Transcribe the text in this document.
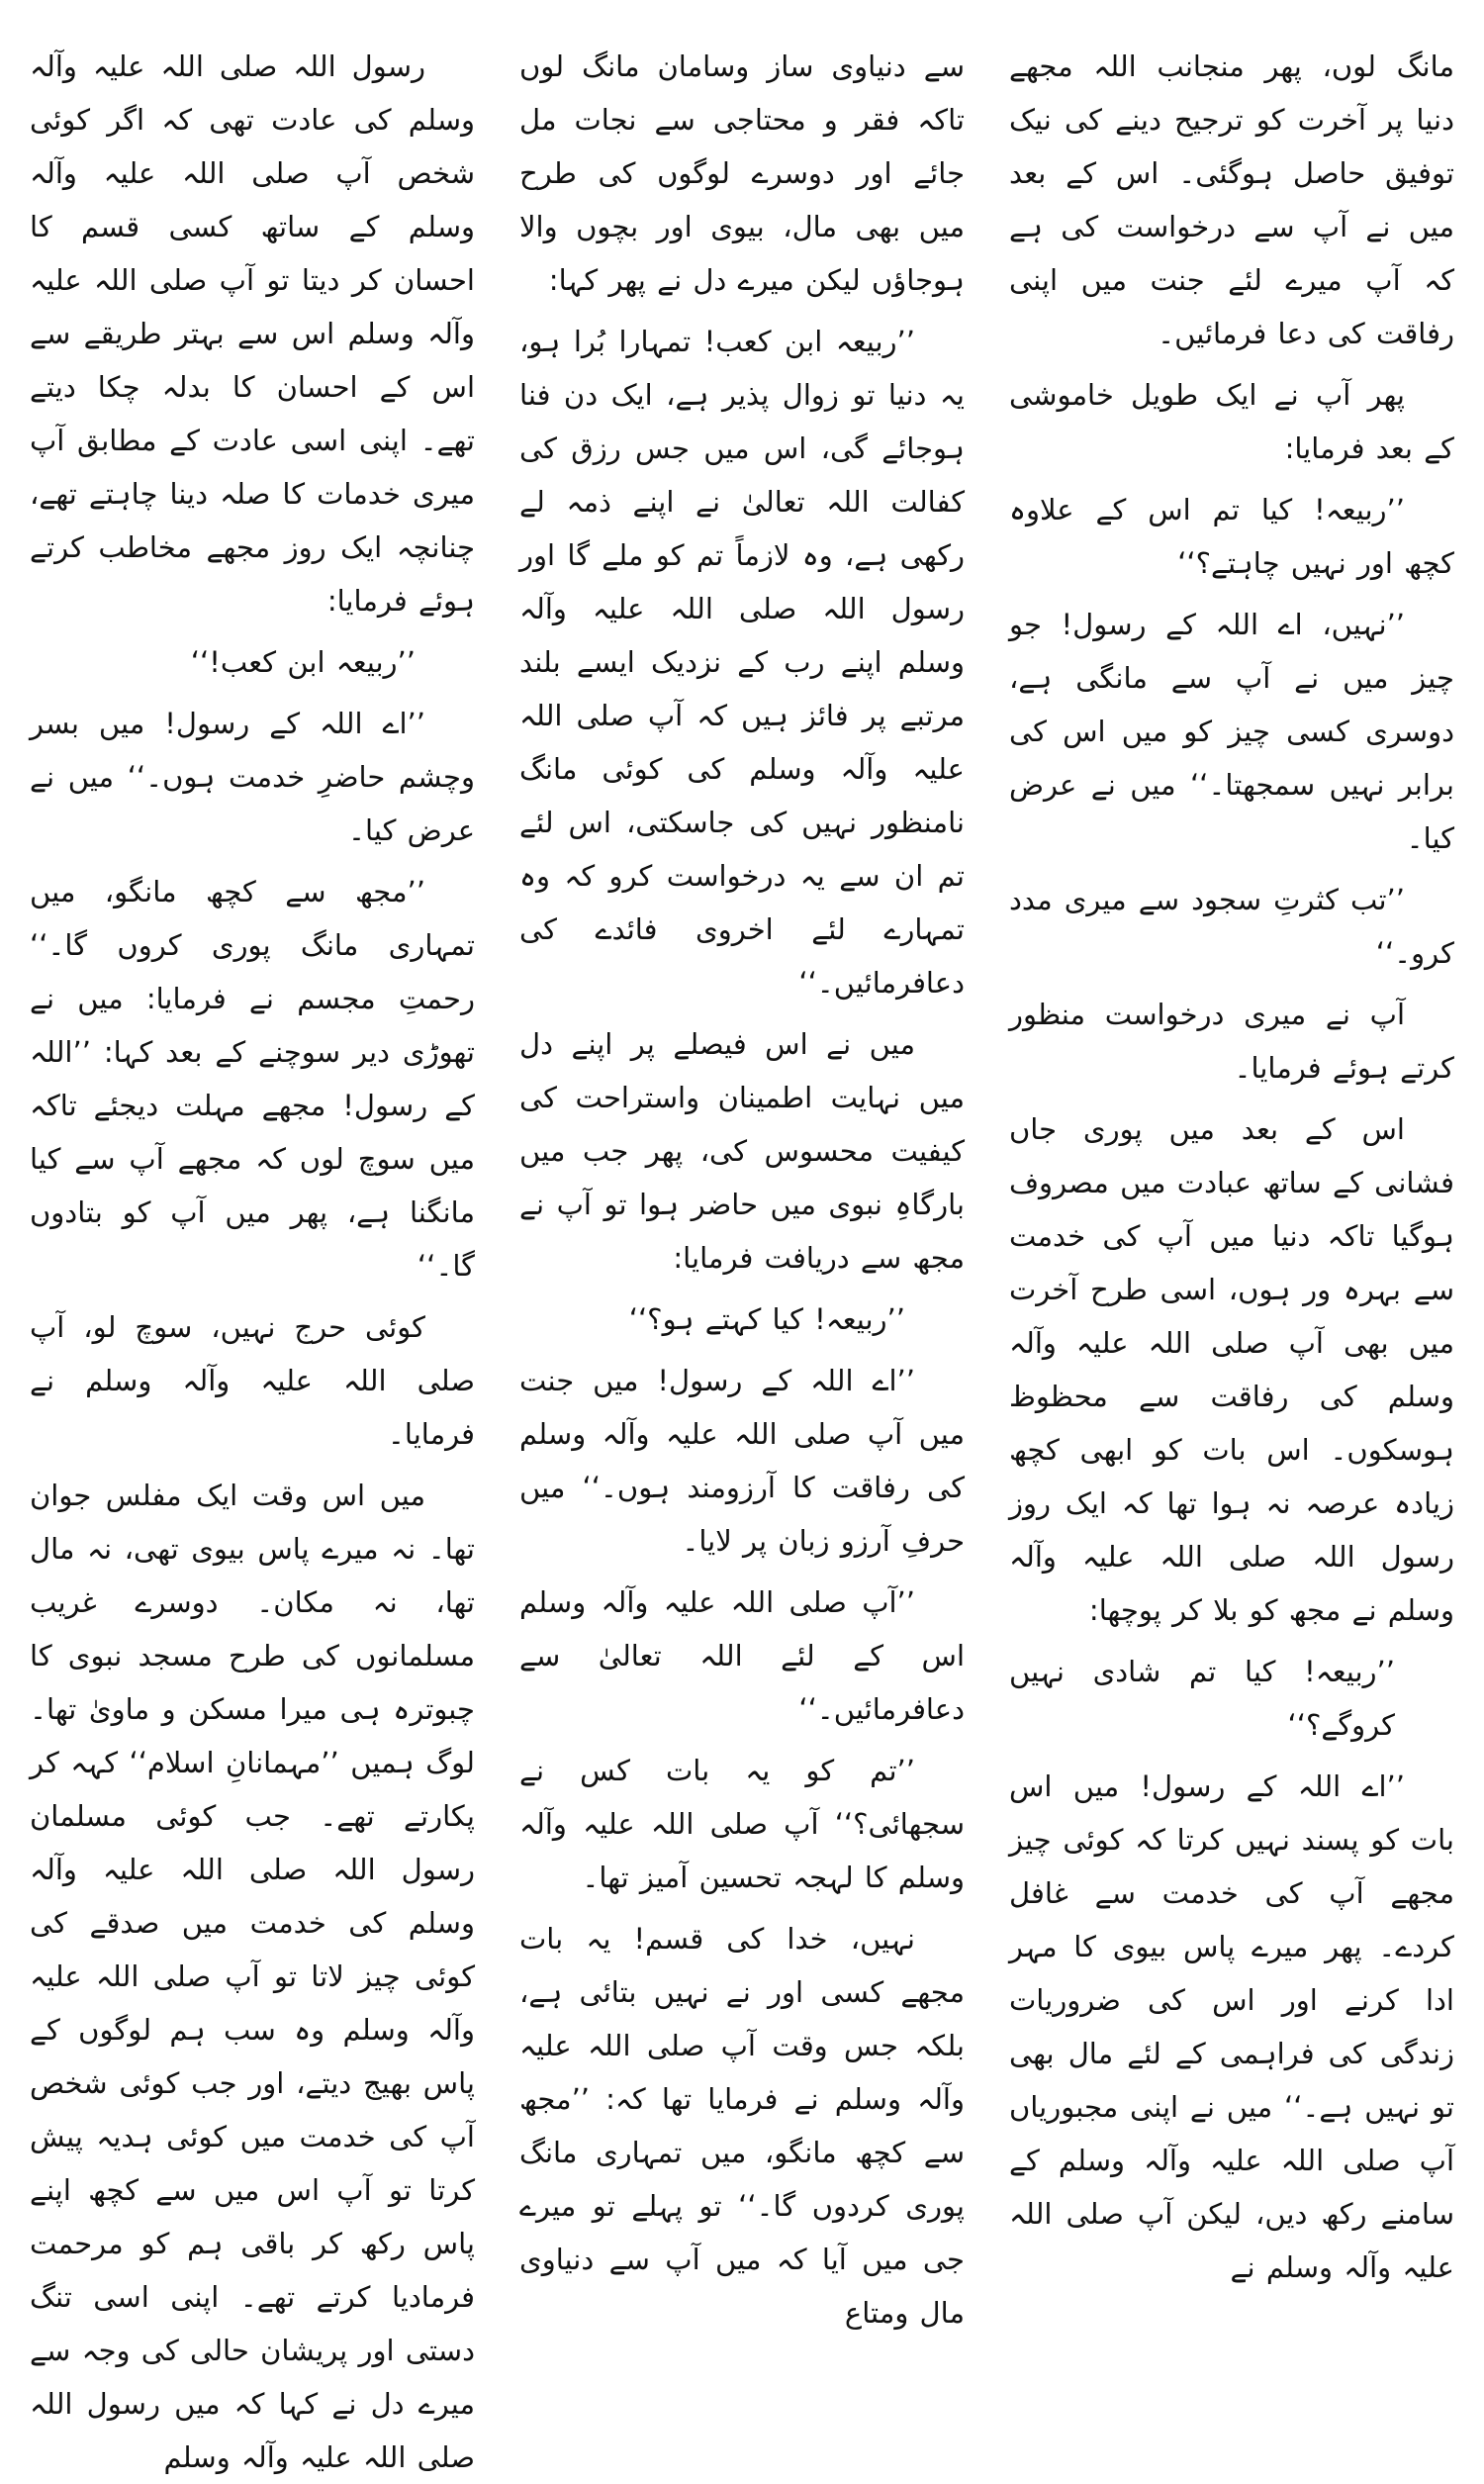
رسول اللہ صلی اللہ علیہ وآلہ وسلم کی عادت تھی کہ اگر کوئی شخص آپ صلی اللہ علیہ وآلہ وسلم کے ساتھ کسی قسم کا احسان کر دیتا تو آپ صلی اللہ علیہ وآلہ وسلم اس سے بہتر طریقے سے اس کے احسان کا بدلہ چکا دیتے تھے۔ اپنی اسی عادت کے مطابق آپ میری خدمات کا صلہ دینا چاہتے تھے، چنانچہ ایک روز مجھے مخاطب کرتے ہوئے فرمایا:

’’ربیعہ ابن کعب!‘‘

’’اے اللہ کے رسول! میں بسر وچشم حاضرِ خدمت ہوں۔‘‘ میں نے عرض کیا۔

’’مجھ سے کچھ مانگو، میں تمہاری مانگ پوری کروں گا۔‘‘ رحمتِ مجسم نے فرمایا: میں نے تھوڑی دیر سوچنے کے بعد کہا: ’’اللہ کے رسول! مجھے مہلت دیجئے تاکہ میں سوچ لوں کہ مجھے آپ سے کیا مانگنا ہے، پھر میں آپ کو بتادوں گا۔‘‘

کوئی حرج نہیں، سوچ لو، آپ صلی اللہ علیہ وآلہ وسلم نے فرمایا۔

میں اس وقت ایک مفلس جوان تھا۔ نہ میرے پاس بیوی تھی، نہ مال تھا، نہ مکان۔ دوسرے غریب مسلمانوں کی طرح مسجد نبوی کا چبوترہ ہی میرا مسکن و ماویٰ تھا۔ لوگ ہمیں ’’مہمانانِ اسلام‘‘ کہہ کر پکارتے تھے۔ جب کوئی مسلمان رسول اللہ صلی اللہ علیہ وآلہ وسلم کی خدمت میں صدقے کی کوئی چیز لاتا تو آپ صلی اللہ علیہ وآلہ وسلم وہ سب ہم لوگوں کے پاس بھیج دیتے، اور جب کوئی شخص آپ کی خدمت میں کوئی ہدیہ پیش کرتا تو آپ اس میں سے کچھ اپنے پاس رکھ کر باقی ہم کو مرحمت فرمادیا کرتے تھے۔ اپنی اسی تنگ دستی اور پریشان حالی کی وجہ سے میرے دل نے کہا کہ میں رسول اللہ صلی اللہ علیہ وآلہ وسلم

سے دنیاوی ساز وسامان مانگ لوں تاکہ فقر و محتاجی سے نجات مل جائے اور دوسرے لوگوں کی طرح میں بھی مال، بیوی اور بچوں والا ہوجاؤں لیکن میرے دل نے پھر کہا:

’’ربیعہ ابن کعب! تمہارا بُرا ہو، یہ دنیا تو زوال پذیر ہے، ایک دن فنا ہوجائے گی، اس میں جس رزق کی کفالت اللہ تعالیٰ نے اپنے ذمہ لے رکھی ہے، وہ لازماً تم کو ملے گا اور رسول اللہ صلی اللہ علیہ وآلہ وسلم اپنے رب کے نزدیک ایسے بلند مرتبے پر فائز ہیں کہ آپ صلی اللہ علیہ وآلہ وسلم کی کوئی مانگ نامنظور نہیں کی جاسکتی، اس لئے تم ان سے یہ درخواست کرو کہ وہ تمہارے لئے اخروی فائدے کی دعافرمائیں۔‘‘

میں نے اس فیصلے پر اپنے دل میں نہایت اطمینان واستراحت کی کیفیت محسوس کی، پھر جب میں بارگاہِ نبوی میں حاضر ہوا تو آپ نے مجھ سے دریافت فرمایا:

’’ربیعہ! کیا کہتے ہو؟‘‘

’’اے اللہ کے رسول! میں جنت میں آپ صلی اللہ علیہ وآلہ وسلم کی رفاقت کا آرزومند ہوں۔‘‘ میں حرفِ آرزو زبان پر لایا۔

’’آپ صلی اللہ علیہ وآلہ وسلم اس کے لئے اللہ تعالیٰ سے دعافرمائیں۔‘‘

’’تم کو یہ بات کس نے سجھائی؟‘‘ آپ صلی اللہ علیہ وآلہ وسلم کا لہجہ تحسین آمیز تھا۔

نہیں، خدا کی قسم! یہ بات مجھے کسی اور نے نہیں بتائی ہے، بلکہ جس وقت آپ صلی اللہ علیہ وآلہ وسلم نے فرمایا تھا کہ: ’’مجھ سے کچھ مانگو، میں تمہاری مانگ پوری کردوں گا۔‘‘ تو پہلے تو میرے جی میں آیا کہ میں آپ سے دنیاوی مال ومتاع

مانگ لوں، پھر منجانب اللہ مجھے دنیا پر آخرت کو ترجیح دینے کی نیک توفیق حاصل ہوگئی۔ اس کے بعد میں نے آپ سے درخواست کی ہے کہ آپ میرے لئے جنت میں اپنی رفاقت کی دعا فرمائیں۔

پھر آپ نے ایک طویل خاموشی کے بعد فرمایا:

’’ربیعہ! کیا تم اس کے علاوہ کچھ اور نہیں چاہتے؟‘‘

’’نہیں، اے اللہ کے رسول! جو چیز میں نے آپ سے مانگی ہے، دوسری کسی چیز کو میں اس کی برابر نہیں سمجھتا۔‘‘ میں نے عرض کیا۔

’’تب کثرتِ سجود سے میری مدد کرو۔‘‘

آپ نے میری درخواست منظور کرتے ہوئے فرمایا۔

اس کے بعد میں پوری جاں فشانی کے ساتھ عبادت میں مصروف ہوگیا تاکہ دنیا میں آپ کی خدمت سے بہرہ ور ہوں، اسی طرح آخرت میں بھی آپ صلی اللہ علیہ وآلہ وسلم کی رفاقت سے محظوظ ہوسکوں۔ اس بات کو ابھی کچھ زیادہ عرصہ نہ ہوا تھا کہ ایک روز رسول اللہ صلی اللہ علیہ وآلہ وسلم نے مجھ کو بلا کر پوچھا:

’’ربیعہ! کیا تم شادی نہیں کروگے؟‘‘

’’اے اللہ کے رسول! میں اس بات کو پسند نہیں کرتا کہ کوئی چیز مجھے آپ کی خدمت سے غافل کردے۔ پھر میرے پاس بیوی کا مہر ادا کرنے اور اس کی ضروریات زندگی کی فراہمی کے لئے مال بھی تو نہیں ہے۔‘‘ میں نے اپنی مجبوریاں آپ صلی اللہ علیہ وآلہ وسلم کے سامنے رکھ دیں، لیکن آپ صلی اللہ علیہ وآلہ وسلم نے
